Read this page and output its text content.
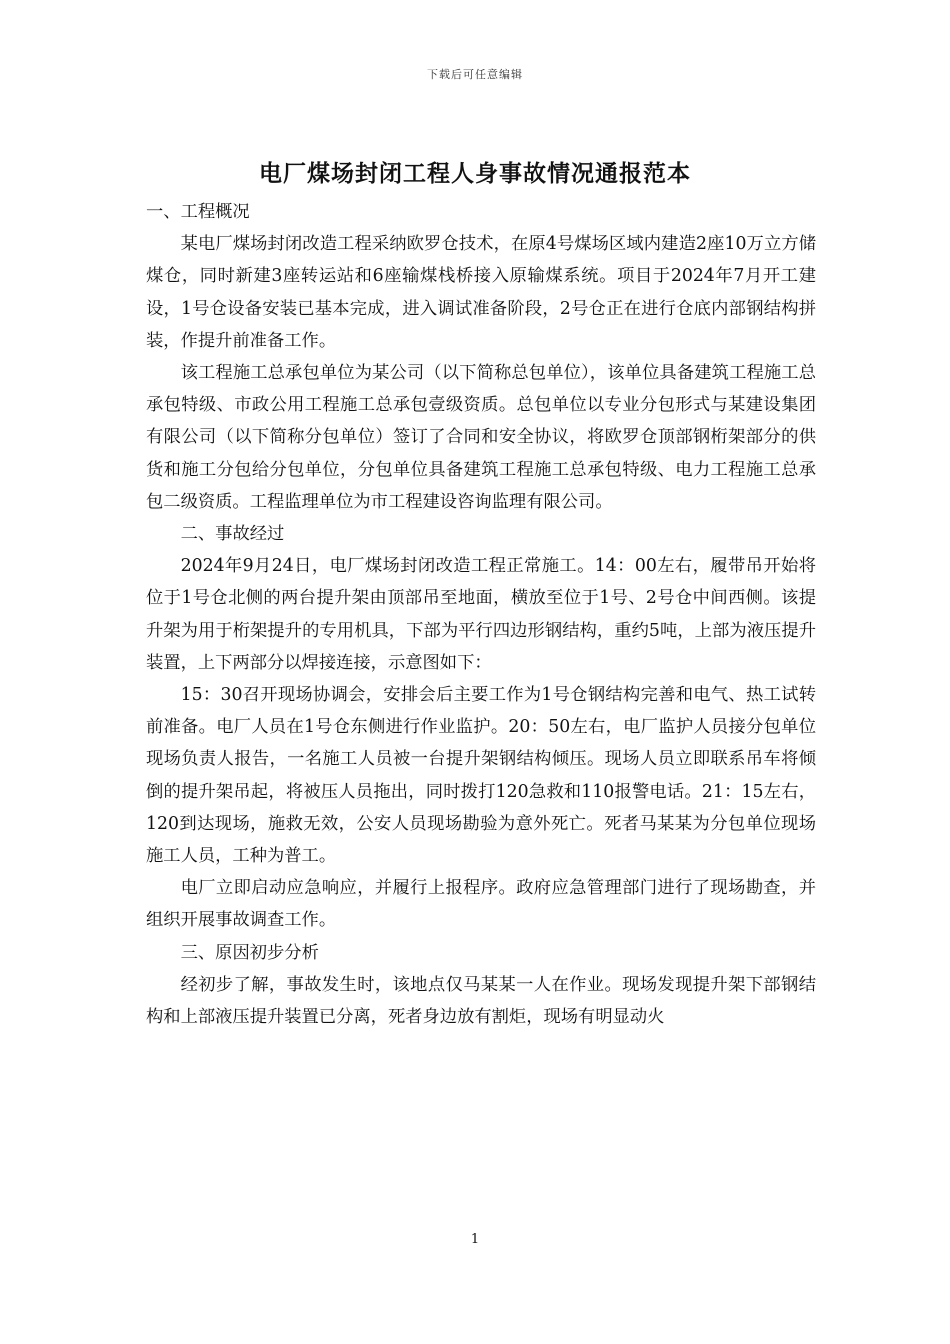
下载后可任意编辑
电厂煤场封闭工程人身事故情况通报范本

一、工程概况

某电厂煤场封闭改造工程采纳欧罗仓技术，在原4号煤场区域内建造2座10万立方储煤仓，同时新建3座转运站和6座输煤栈桥接入原输煤系统。项目于2024年7月开工建设，1号仓设备安装已基本完成，进入调试准备阶段，2号仓正在进行仓底内部钢结构拼装，作提升前准备工作。

该工程施工总承包单位为某公司（以下简称总包单位），该单位具备建筑工程施工总承包特级、市政公用工程施工总承包壹级资质。总包单位以专业分包形式与某建设集团有限公司（以下简称分包单位）签订了合同和安全协议，将欧罗仓顶部钢桁架部分的供货和施工分包给分包单位，分包单位具备建筑工程施工总承包特级、电力工程施工总承包二级资质。工程监理单位为市工程建设咨询监理有限公司。

二、事故经过

2024年9月24日，电厂煤场封闭改造工程正常施工。14：00左右，履带吊开始将位于1号仓北侧的两台提升架由顶部吊至地面，横放至位于1号、2号仓中间西侧。该提升架为用于桁架提升的专用机具，下部为平行四边形钢结构，重约5吨，上部为液压提升装置，上下两部分以焊接连接，示意图如下：

15：30召开现场协调会，安排会后主要工作为1号仓钢结构完善和电气、热工试转前准备。电厂人员在1号仓东侧进行作业监护。20：50左右，电厂监护人员接分包单位现场负责人报告，一名施工人员被一台提升架钢结构倾压。现场人员立即联系吊车将倾倒的提升架吊起，将被压人员拖出，同时拨打120急救和110报警电话。21：15左右，120到达现场，施救无效，公安人员现场勘验为意外死亡。死者马某某为分包单位现场施工人员，工种为普工。

电厂立即启动应急响应，并履行上报程序。政府应急管理部门进行了现场勘查，并组织开展事故调查工作。

三、原因初步分析

经初步了解，事故发生时，该地点仅马某某一人在作业。现场发现提升架下部钢结构和上部液压提升装置已分离，死者身边放有割炬，现场有明显动火

1
